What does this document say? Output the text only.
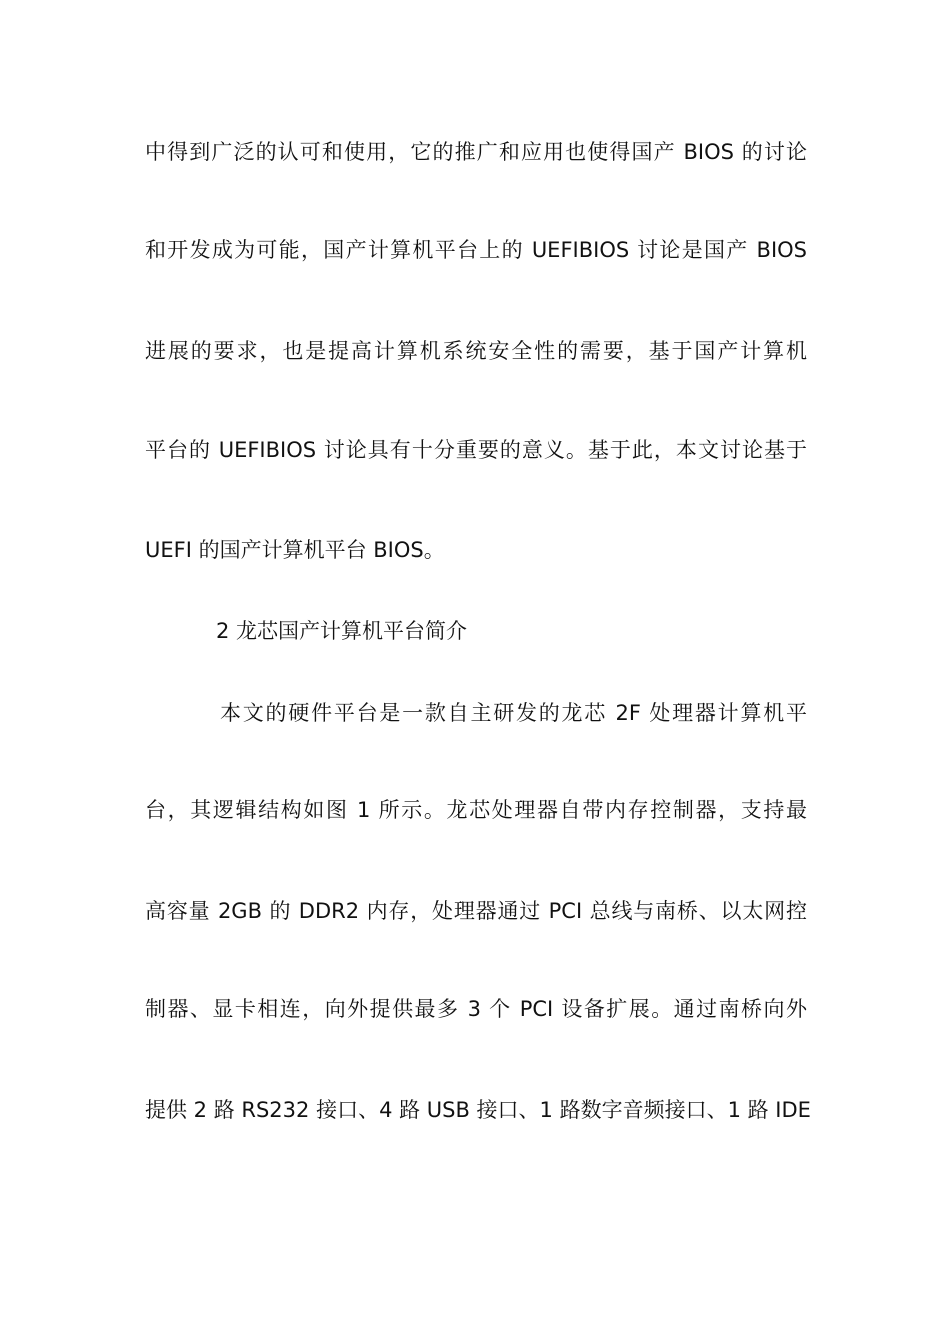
中得到广泛的认可和使用，它的推广和应用也使得国产 BIOS 的讨论
和开发成为可能，国产计算机平台上的 UEFIBIOS 讨论是国产 BIOS
进展的要求，也是提高计算机系统安全性的需要，基于国产计算机
平台的 UEFIBIOS 讨论具有十分重要的意义。基于此，本文讨论基于
UEFI 的国产计算机平台 BIOS。
2 龙芯国产计算机平台简介
本文的硬件平台是一款自主研发的龙芯 2F 处理器计算机平
台，其逻辑结构如图 1 所示。龙芯处理器自带内存控制器，支持最
高容量 2GB 的 DDR2 内存，处理器通过 PCI 总线与南桥、以太网控
制器、显卡相连，向外提供最多 3 个 PCI 设备扩展。通过南桥向外
提供 2 路 RS232 接口、4 路 USB 接口、1 路数字音频接口、1 路 IDE
